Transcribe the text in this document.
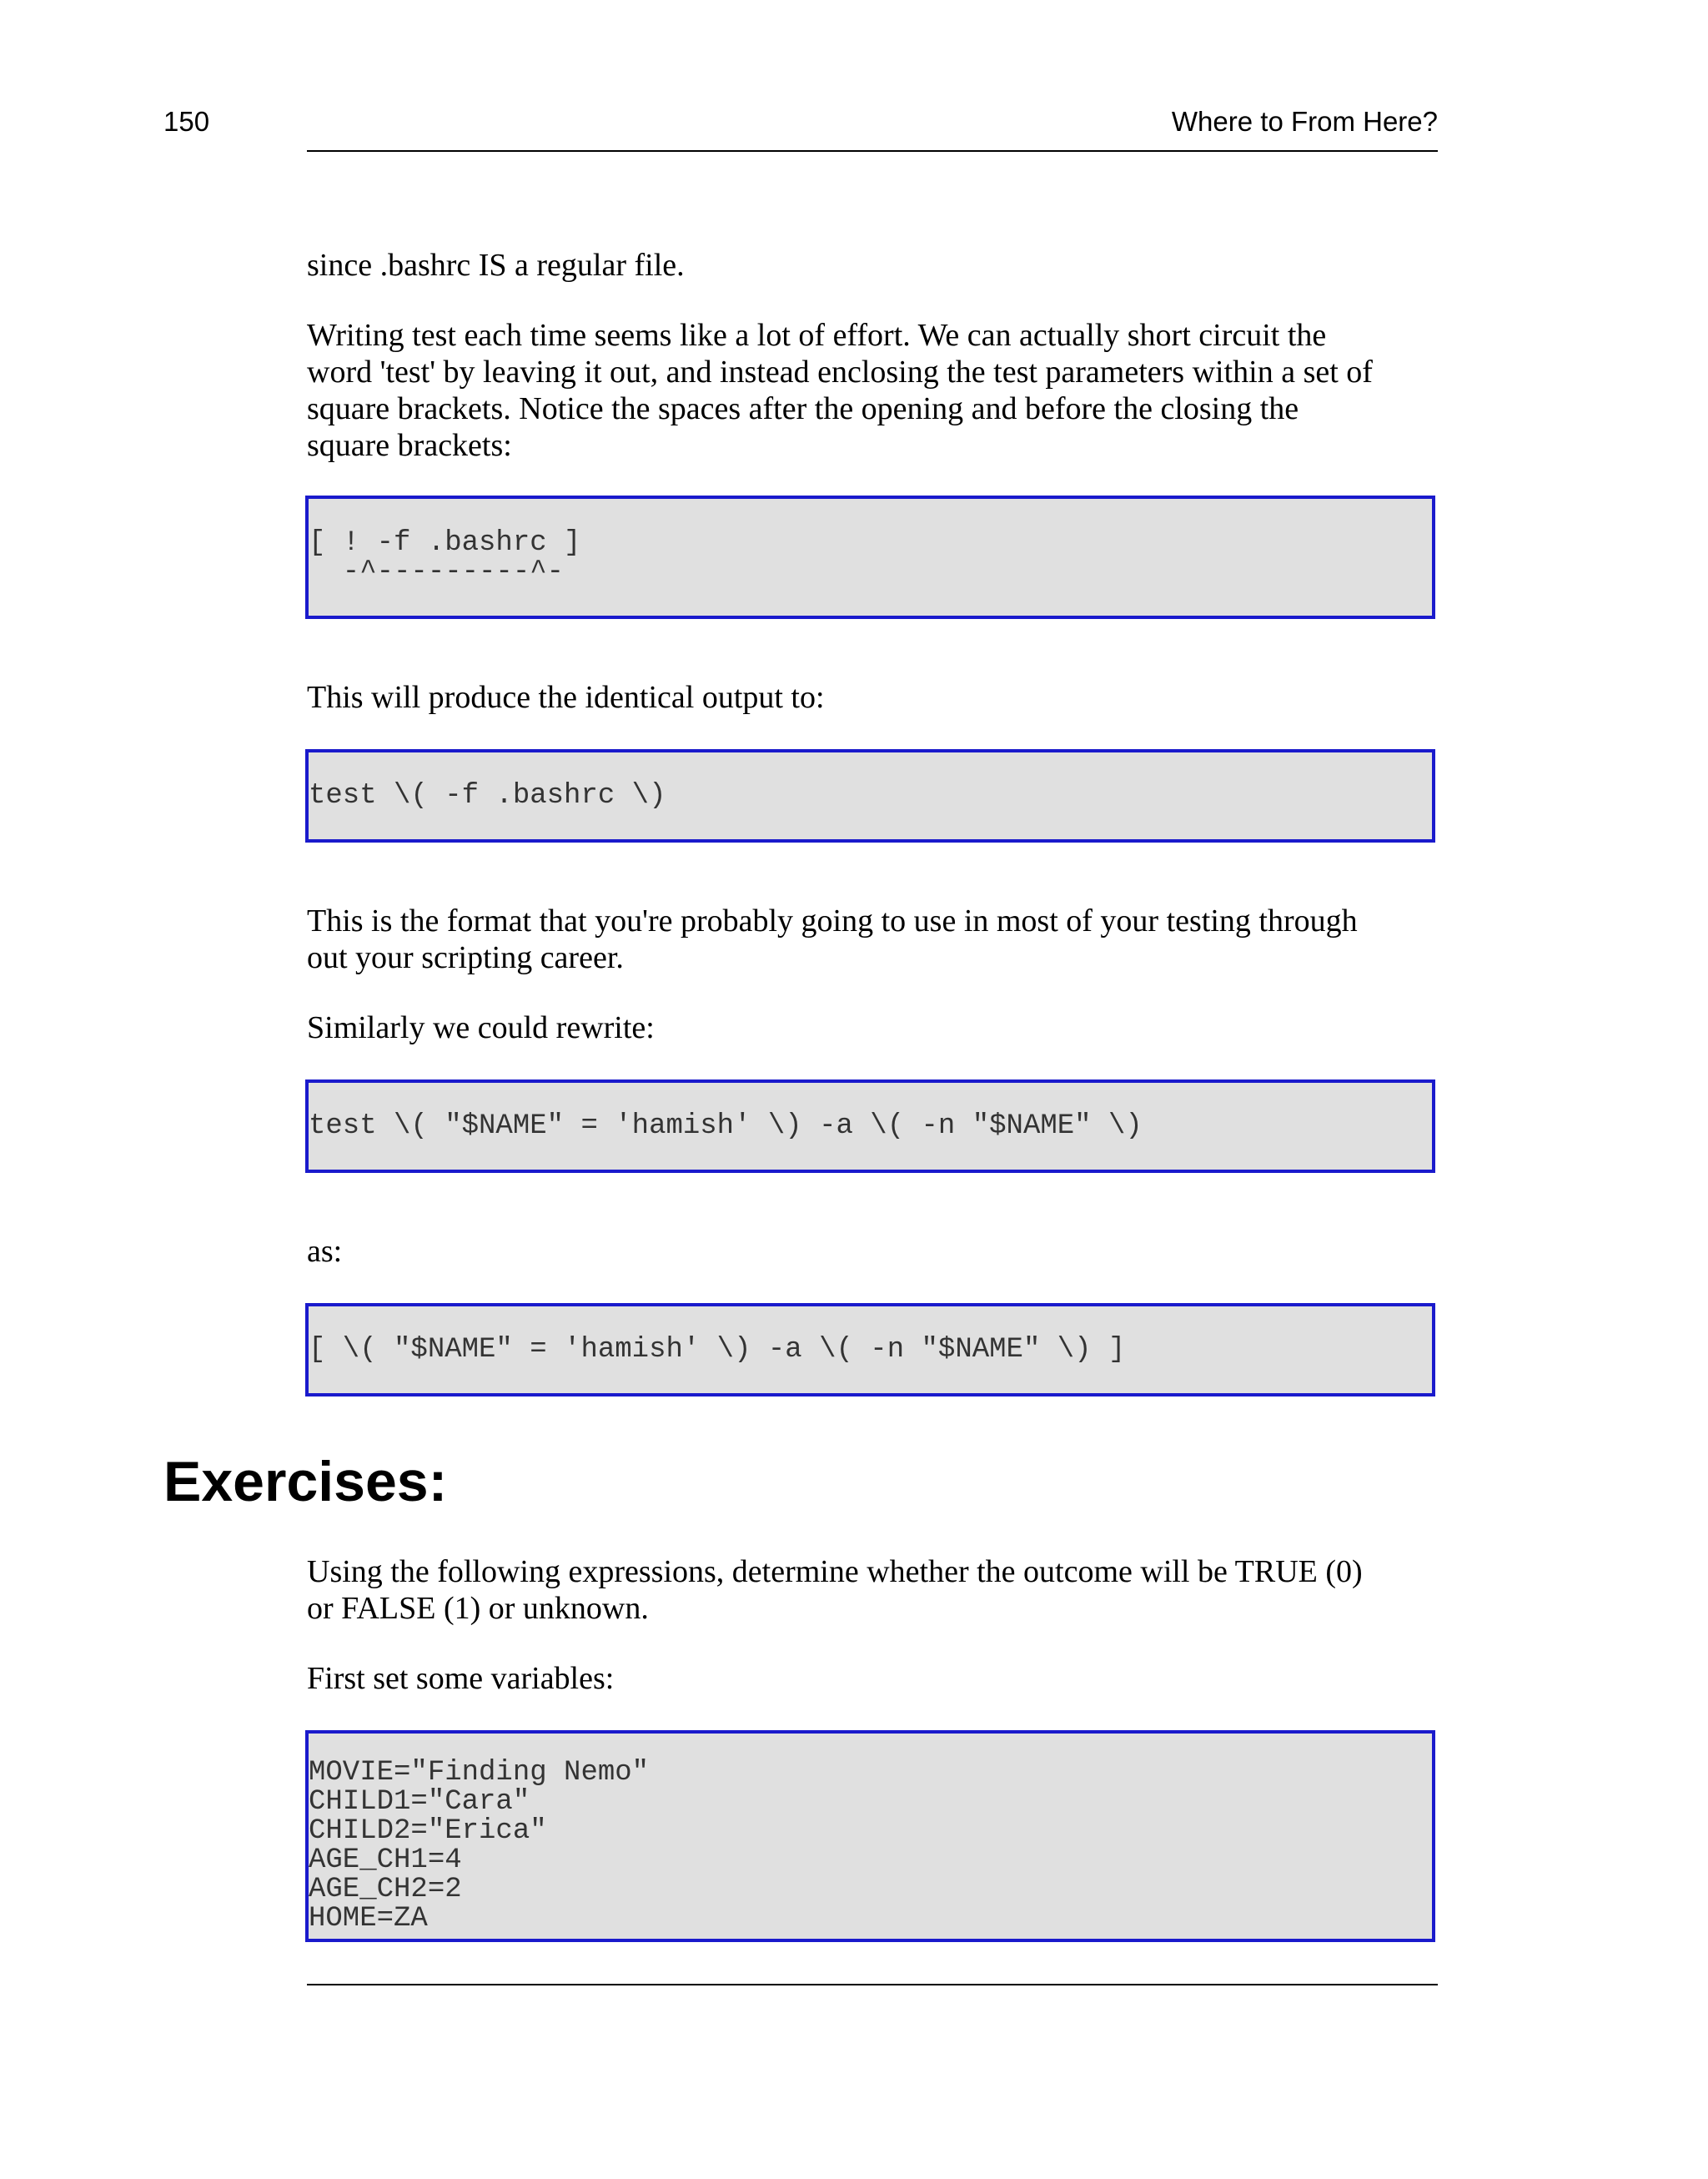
150	Where to From Here?

since .bashrc IS a regular file.

Writing test each time seems like a lot of effort. We can actually short circuit the
word 'test' by leaving it out, and instead enclosing the test parameters within a set of
square brackets. Notice the spaces after the opening and before the closing the
square brackets:

[ ! -f .bashrc ]
-^---------^-

This will produce the identical output to:

test \( -f .bashrc \)

This is the format that you're probably going to use in most of your testing through
out your scripting career.

Similarly we could rewrite:

test \( "$NAME" = 'hamish' \) -a \( -n "$NAME" \)

as:

[ \( "$NAME" = 'hamish' \) -a \( -n "$NAME" \) ]
Exercises:

Using the following expressions, determine whether the outcome will be TRUE (0)
or FALSE (1) or unknown.

First set some variables:

MOVIE="Finding Nemo"
CHILD1="Cara"
CHILD2="Erica"
AGE_CH1=4
AGE_CH2=2
HOME=ZA
